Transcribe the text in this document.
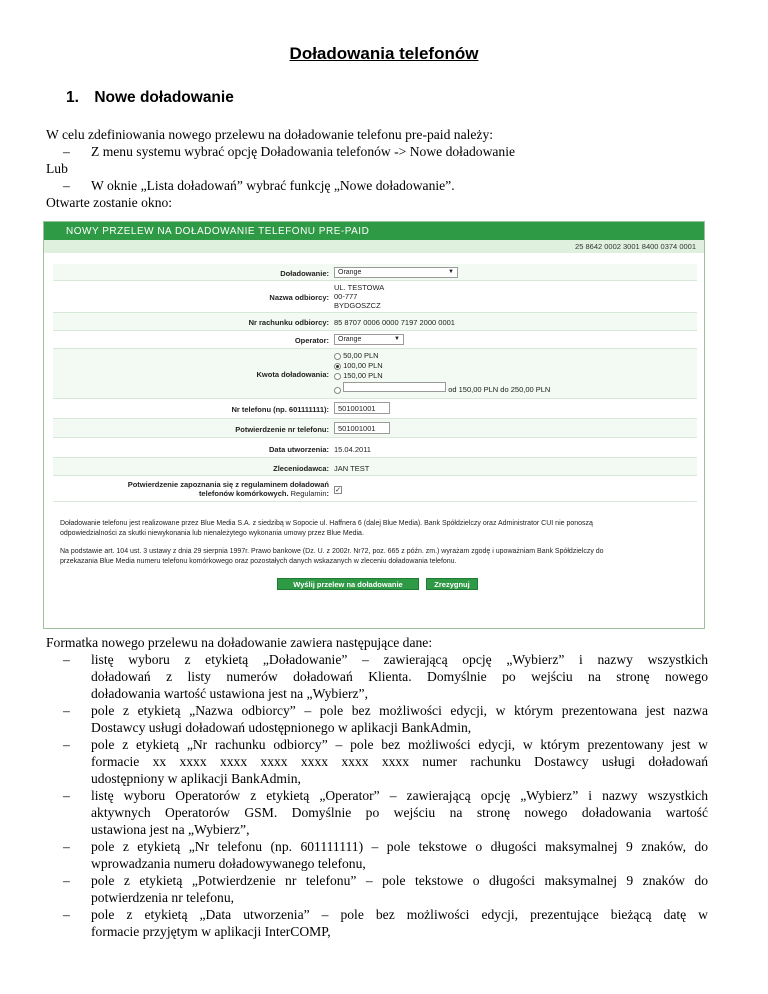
Doładowania telefonów
1. Nowe doładowanie
W celu zdefiniowania nowego przelewu na doładowanie telefonu pre-paid należy:
– Z menu systemu wybrać opcję Doładowania telefonów -> Nowe doładowanie
Lub
– W oknie „Lista doładowań” wybrać funkcję „Nowe doładowanie”.
Otwarte zostanie okno:
NOWY PRZELEW NA DOŁADOWANIE TELEFONU PRE-PAID
25 8642 0002 3001 8400 0374 0001
Doładowanie:	Orange	▼
Nazwa odbiorcy:
UL. TESTOWA
00-777
BYDGOSZCZ
Nr rachunku odbiorcy: 85 8707 0006 0000 7197 2000 0001
Operator:	Orange	▼
Kwota doładowania:
50,00 PLN
100,00 PLN
150,00 PLN
od 150,00 PLN do 250,00 PLN
Nr telefonu (np. 601111111):	501001001
Potwierdzenie nr telefonu:	501001001
Data utworzenia: 15.04.2011
Zleceniodawca: JAN TEST
Potwierdzenie zapoznania się z regulaminem doładowań
telefonów komórkowych. Regulamin: ✓

Doładowanie telefonu jest realizowane przez Blue Media S.A. z siedzibą w Sopocie ul. Haffnera 6 (dalej Blue Media). Bank Spółdzielczy oraz Administrator CUI nie ponoszą
odpowiedzialności za skutki niewykonania lub nienależytego wykonania umowy przez Blue Media.

Na podstawie art. 104 ust. 3 ustawy z dnia 29 sierpnia 1997r. Prawo bankowe (Dz. U. z 2002r. Nr72, poz. 665 z późn. zm.) wyrażam zgodę i upoważniam Bank Spółdzielczy do
przekazania Blue Media numeru telefonu komórkowego oraz pozostałych danych wskazanych w zleceniu doładowania telefonu.

Wyślij przelew na doładowanie	Zrezygnuj
Formatka nowego przelewu na doładowanie zawiera następujące dane:
– listę wyboru z etykietą „Doładowanie” – zawierającą opcję „Wybierz” i nazwy wszystkich
doładowań z listy numerów doładowań Klienta. Domyślnie po wejściu na stronę nowego
doładowania wartość ustawiona jest na „Wybierz”,
– pole z etykietą „Nazwa odbiorcy” – pole bez możliwości edycji, w którym prezentowana jest nazwa
Dostawcy usługi doładowań udostępnionego w aplikacji BankAdmin,
– pole z etykietą „Nr rachunku odbiorcy” – pole bez możliwości edycji, w którym prezentowany jest w
formacie xx xxxx xxxx xxxx xxxx xxxx xxxx numer rachunku Dostawcy usługi doładowań
udostępniony w aplikacji BankAdmin,
– listę wyboru Operatorów z etykietą „Operator” – zawierającą opcję „Wybierz” i nazwy wszystkich
aktywnych Operatorów GSM. Domyślnie po wejściu na stronę nowego doładowania wartość
ustawiona jest na „Wybierz”,
– pole z etykietą „Nr telefonu (np. 601111111) – pole tekstowe o długości maksymalnej 9 znaków, do
wprowadzania numeru doładowywanego telefonu,
– pole z etykietą „Potwierdzenie nr telefonu” – pole tekstowe o długości maksymalnej 9 znaków do
potwierdzenia nr telefonu,
– pole z etykietą „Data utworzenia” – pole bez możliwości edycji, prezentujące bieżącą datę w
formacie przyjętym w aplikacji InterCOMP,
